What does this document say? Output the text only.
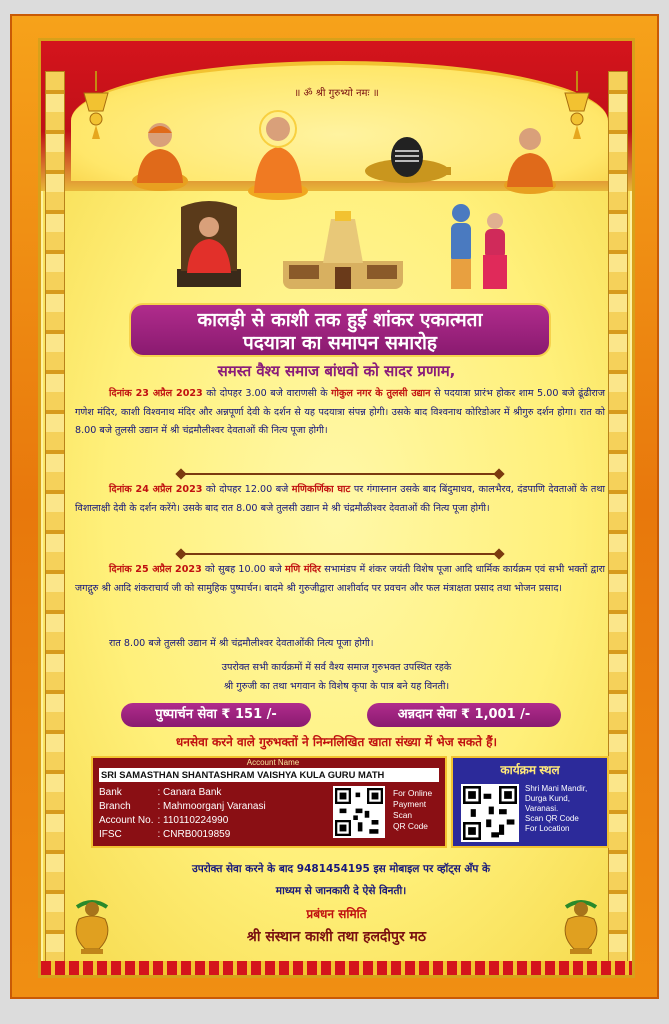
॥ ॐ श्री गुरुभ्यो नमः ॥
कालड़ी से काशी तक हुई शांकर एकात्मता
पदयात्रा का समापन समारोह
समस्त वैश्य समाज बांधवो को सादर प्रणाम,
दिनांक 23 अप्रैल 2023 को दोपहर 3.00 बजे वाराणसी के गोकुल नगर के तुलसी उद्यान से पदयात्रा प्रारंभ होकर शाम 5.00 बजे ढूंढीराज गणेश मंदिर, काशी विश्वनाथ मंदिर और अन्नपूर्णा देवी के दर्शन से यह पदयात्रा संपन्न होगी। उसके बाद विश्वनाथ कोरिडोअर में श्रीगुरु दर्शन होगा। रात को 8.00 बजे तुलसी उद्यान में श्री चंद्रमौलीश्वर देवताओं की नित्य पूजा होगी।
दिनांक 24 अप्रैल 2023 को दोपहर 12.00 बजे मणिकर्णिका घाट पर गंगास्नान उसके बाद बिंदुमाधव, कालभैरव, दंडपाणि देवताओं के तथा विशालाक्षी देवी के दर्शन करेंगे। उसके बाद रात 8.00 बजे तुलसी उद्यान मे श्री चंद्रमौळीश्वर देवताओं की नित्य पूजा होगी।
दिनांक 25 अप्रैल 2023 को सुबह 10.00 बजे मणि मंदिर सभामंडप में शंकर जयंती विशेष पूजा आदि धार्मिक कार्यक्रम एवं सभी भक्तों द्वारा जगद्गुरु श्री आदि शंकराचार्य जी को सामुहिक पुष्पार्चन। बादमे श्री गुरुजीद्वारा आशीर्वाद पर प्रवचन और फल मंत्राक्षता प्रसाद तथा भोजन प्रसाद।
रात 8.00 बजे तुलसी उद्यान में श्री चंद्रमौलीश्वर देवताओंकी नित्य पूजा होगी।
उपरोक्त सभी कार्यक्रमों में सर्व वैश्य समाज गुरुभक्त उपस्थित रहके
श्री गुरुजी का तथा भगवान के विशेष कृपा के पात्र बने यह विनती।
पुष्पार्चन सेवा ₹ 151 /-	अन्नदान सेवा ₹ 1,001 /-
धनसेवा करने वाले गुरुभक्तों ने निम्नलिखित खाता संख्या में भेज सकते हैं।
Account Name
SRI SAMASTHAN SHANTASHRAM VAISHYA KULA GURU MATH
Bank	: Canara Bank
Branch	: Mahmoorganj Varanasi
Account No.	: 110110224990
IFSC	: CNRB0019859
For Online
Payment
Scan
QR Code
कार्यक्रम स्थल
Shri Mani Mandir,
Durga Kund,
Varanasi.
Scan QR Code
For Location
उपरोक्त सेवा करने के बाद 9481454195 इस मोबाइल पर व्हॉट्स अँप के
माध्यम से जानकारी दे ऐसे विनती।
प्रबंधन समिति
श्री संस्थान काशी तथा हलदीपुर मठ
